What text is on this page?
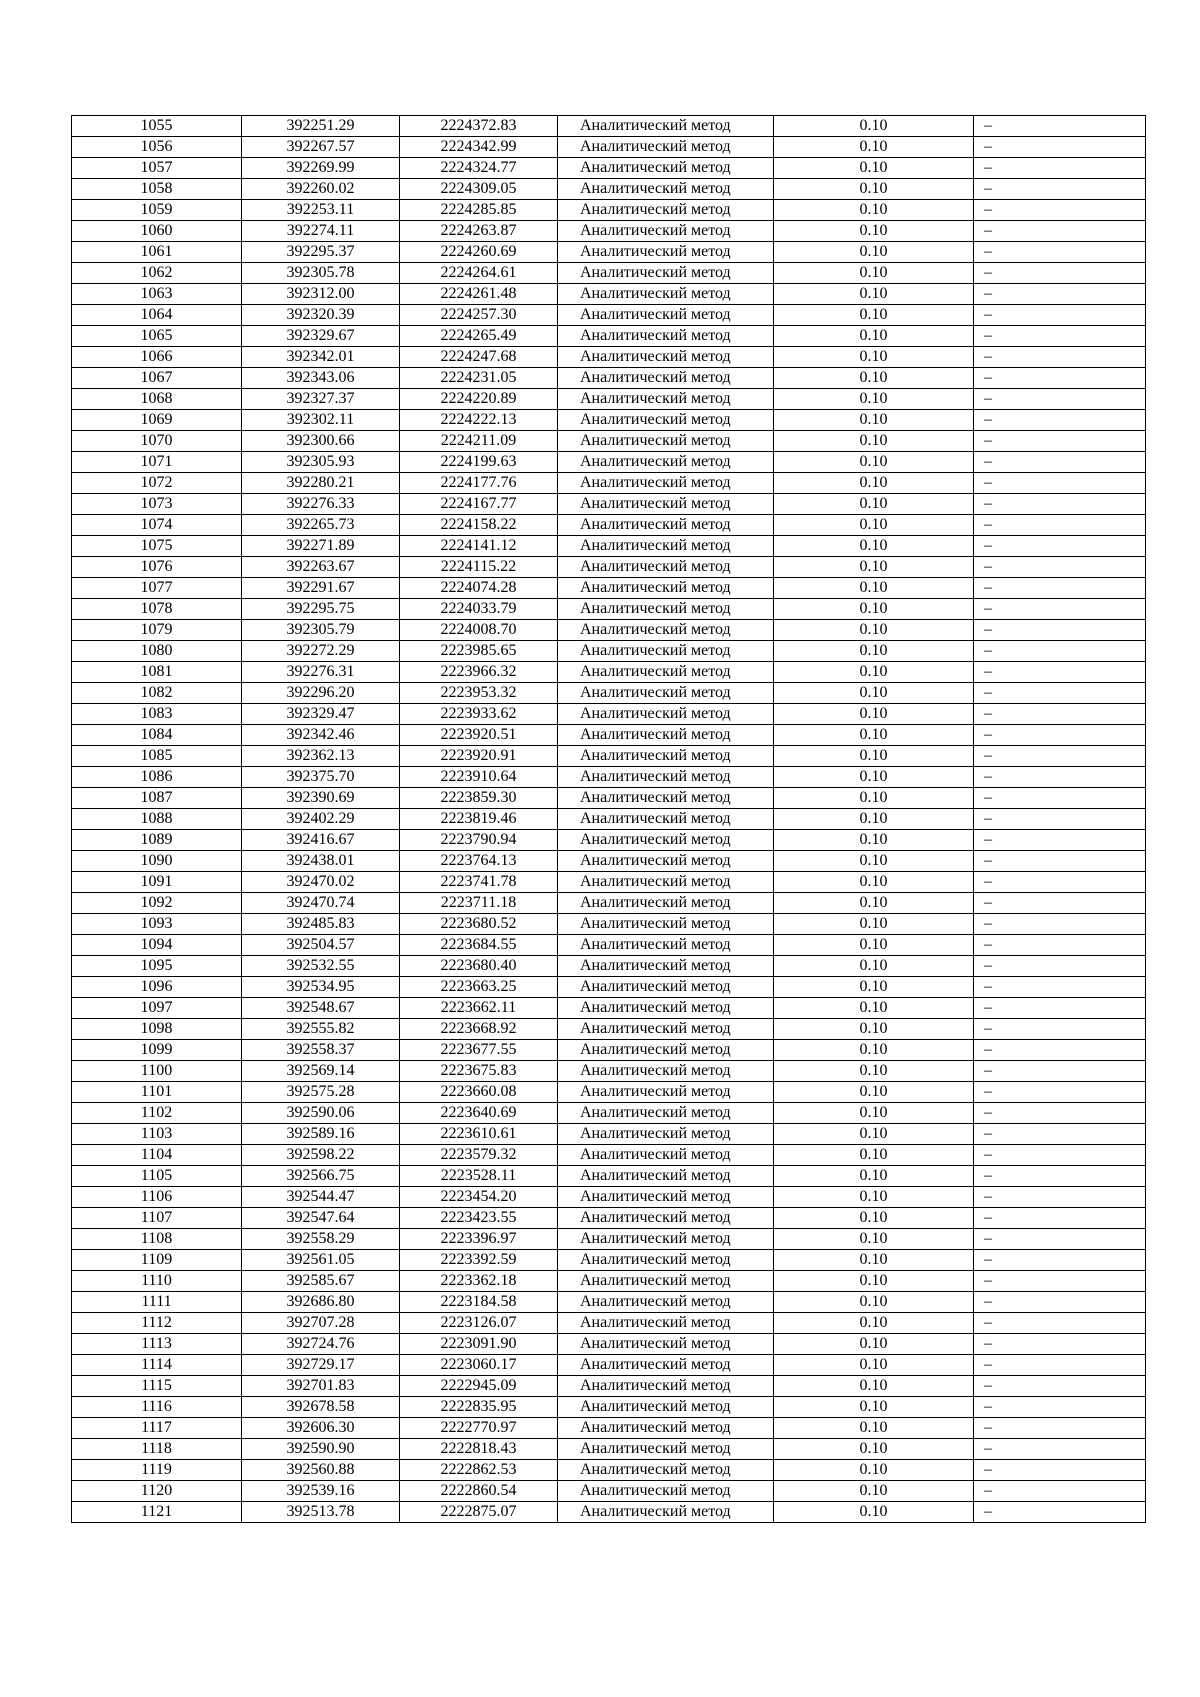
1055	392251.29	2224372.83	Аналитический метод	0.10	–
1056	392267.57	2224342.99	Аналитический метод	0.10	–
1057	392269.99	2224324.77	Аналитический метод	0.10	–
1058	392260.02	2224309.05	Аналитический метод	0.10	–
1059	392253.11	2224285.85	Аналитический метод	0.10	–
1060	392274.11	2224263.87	Аналитический метод	0.10	–
1061	392295.37	2224260.69	Аналитический метод	0.10	–
1062	392305.78	2224264.61	Аналитический метод	0.10	–
1063	392312.00	2224261.48	Аналитический метод	0.10	–
1064	392320.39	2224257.30	Аналитический метод	0.10	–
1065	392329.67	2224265.49	Аналитический метод	0.10	–
1066	392342.01	2224247.68	Аналитический метод	0.10	–
1067	392343.06	2224231.05	Аналитический метод	0.10	–
1068	392327.37	2224220.89	Аналитический метод	0.10	–
1069	392302.11	2224222.13	Аналитический метод	0.10	–
1070	392300.66	2224211.09	Аналитический метод	0.10	–
1071	392305.93	2224199.63	Аналитический метод	0.10	–
1072	392280.21	2224177.76	Аналитический метод	0.10	–
1073	392276.33	2224167.77	Аналитический метод	0.10	–
1074	392265.73	2224158.22	Аналитический метод	0.10	–
1075	392271.89	2224141.12	Аналитический метод	0.10	–
1076	392263.67	2224115.22	Аналитический метод	0.10	–
1077	392291.67	2224074.28	Аналитический метод	0.10	–
1078	392295.75	2224033.79	Аналитический метод	0.10	–
1079	392305.79	2224008.70	Аналитический метод	0.10	–
1080	392272.29	2223985.65	Аналитический метод	0.10	–
1081	392276.31	2223966.32	Аналитический метод	0.10	–
1082	392296.20	2223953.32	Аналитический метод	0.10	–
1083	392329.47	2223933.62	Аналитический метод	0.10	–
1084	392342.46	2223920.51	Аналитический метод	0.10	–
1085	392362.13	2223920.91	Аналитический метод	0.10	–
1086	392375.70	2223910.64	Аналитический метод	0.10	–
1087	392390.69	2223859.30	Аналитический метод	0.10	–
1088	392402.29	2223819.46	Аналитический метод	0.10	–
1089	392416.67	2223790.94	Аналитический метод	0.10	–
1090	392438.01	2223764.13	Аналитический метод	0.10	–
1091	392470.02	2223741.78	Аналитический метод	0.10	–
1092	392470.74	2223711.18	Аналитический метод	0.10	–
1093	392485.83	2223680.52	Аналитический метод	0.10	–
1094	392504.57	2223684.55	Аналитический метод	0.10	–
1095	392532.55	2223680.40	Аналитический метод	0.10	–
1096	392534.95	2223663.25	Аналитический метод	0.10	–
1097	392548.67	2223662.11	Аналитический метод	0.10	–
1098	392555.82	2223668.92	Аналитический метод	0.10	–
1099	392558.37	2223677.55	Аналитический метод	0.10	–
1100	392569.14	2223675.83	Аналитический метод	0.10	–
1101	392575.28	2223660.08	Аналитический метод	0.10	–
1102	392590.06	2223640.69	Аналитический метод	0.10	–
1103	392589.16	2223610.61	Аналитический метод	0.10	–
1104	392598.22	2223579.32	Аналитический метод	0.10	–
1105	392566.75	2223528.11	Аналитический метод	0.10	–
1106	392544.47	2223454.20	Аналитический метод	0.10	–
1107	392547.64	2223423.55	Аналитический метод	0.10	–
1108	392558.29	2223396.97	Аналитический метод	0.10	–
1109	392561.05	2223392.59	Аналитический метод	0.10	–
1110	392585.67	2223362.18	Аналитический метод	0.10	–
1111	392686.80	2223184.58	Аналитический метод	0.10	–
1112	392707.28	2223126.07	Аналитический метод	0.10	–
1113	392724.76	2223091.90	Аналитический метод	0.10	–
1114	392729.17	2223060.17	Аналитический метод	0.10	–
1115	392701.83	2222945.09	Аналитический метод	0.10	–
1116	392678.58	2222835.95	Аналитический метод	0.10	–
1117	392606.30	2222770.97	Аналитический метод	0.10	–
1118	392590.90	2222818.43	Аналитический метод	0.10	–
1119	392560.88	2222862.53	Аналитический метод	0.10	–
1120	392539.16	2222860.54	Аналитический метод	0.10	–
1121	392513.78	2222875.07	Аналитический метод	0.10	–
